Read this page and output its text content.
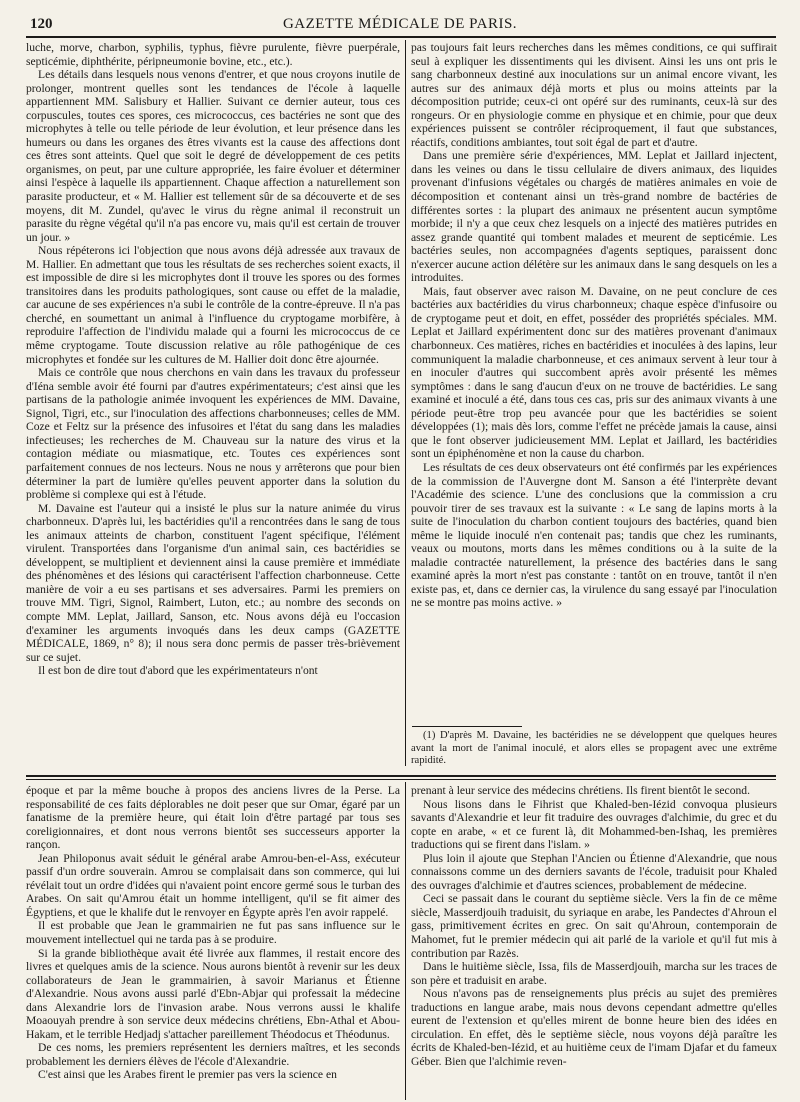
120	GAZETTE MÉDICALE DE PARIS.

luche, morve, charbon, syphilis, typhus, fièvre purulente, fièvre puerpérale, septicémie, diphthérite, péripneumonie bovine, etc., etc.).

Les détails dans lesquels nous venons d'entrer, et que nous croyons inutile de prolonger, montrent quelles sont les tendances de l'école à laquelle appartiennent MM. Salisbury et Hallier. Suivant ce dernier auteur, tous ces corpuscules, toutes ces spores, ces micrococcus, ces bactéries ne sont que des microphytes à telle ou telle période de leur évolution, et leur présence dans les humeurs ou dans les organes des êtres vivants est la cause des affections dont ces êtres sont atteints. Quel que soit le degré de développement de ces petits organismes, on peut, par une culture appropriée, les faire évoluer et déterminer ainsi l'espèce à laquelle ils appartiennent. Chaque affection a naturellement son parasite producteur, et « M. Hallier est tellement sûr de sa découverte et de ses moyens, dit M. Zundel, qu'avec le virus du règne animal il reconstruit un parasite du règne végétal qu'il n'a pas encore vu, mais qu'il est certain de trouver un jour. »

Nous répéterons ici l'objection que nous avons déjà adressée aux travaux de M. Hallier. En admettant que tous les résultats de ses recherches soient exacts, il est impossible de dire si les microphytes dont il trouve les spores ou des formes transitoires dans les produits pathologiques, sont cause ou effet de la maladie, car aucune de ses expériences n'a subi le contrôle de la contre-épreuve. Il n'a pas cherché, en soumettant un animal à l'influence du cryptogame morbifère, à reproduire l'affection de l'individu malade qui a fourni les micrococcus de ce même cryptogame. Toute discussion relative au rôle pathogénique de ces microphytes et fondée sur les cultures de M. Hallier doit donc être ajournée.

Mais ce contrôle que nous cherchons en vain dans les travaux du professeur d'Iéna semble avoir été fourni par d'autres expérimentateurs; c'est ainsi que les partisans de la pathologie animée invoquent les expériences de MM. Davaine, Signol, Tigri, etc., sur l'inoculation des affections charbonneuses; celles de MM. Coze et Feltz sur la présence des infusoires et l'état du sang dans les maladies infectieuses; les recherches de M. Chauveau sur la nature des virus et la contagion médiate ou miasmatique, etc. Toutes ces expériences sont parfaitement connues de nos lecteurs. Nous ne nous y arrêterons que pour bien déterminer la part de lumière qu'elles peuvent apporter dans la solution du problème si complexe qui est à l'étude.

M. Davaine est l'auteur qui a insisté le plus sur la nature animée du virus charbonneux. D'après lui, les bactéridies qu'il a rencontrées dans le sang de tous les animaux atteints de charbon, constituent l'agent spécifique, l'élément virulent. Transportées dans l'organisme d'un animal sain, ces bactéridies se développent, se multiplient et deviennent ainsi la cause première et immédiate des phénomènes et des lésions qui caractérisent l'affection charbonneuse. Cette manière de voir a eu ses partisans et ses adversaires. Parmi les premiers on trouve MM. Tigri, Signol, Raimbert, Luton, etc.; au nombre des seconds on compte MM. Leplat, Jaillard, Sanson, etc. Nous avons déjà eu l'occasion d'examiner les arguments invoqués dans les deux camps (GAZETTE MÉDICALE, 1869, n° 8); il nous sera donc permis de passer très-brièvement sur ce sujet.

Il est bon de dire tout d'abord que les expérimentateurs n'ont

pas toujours fait leurs recherches dans les mêmes conditions, ce qui suffirait seul à expliquer les dissentiments qui les divisent. Ainsi les uns ont pris le sang charbonneux destiné aux inoculations sur un animal encore vivant, les autres sur des animaux déjà morts et plus ou moins atteints par la décomposition putride; ceux-ci ont opéré sur des ruminants, ceux-là sur des rongeurs. Or en physiologie comme en physique et en chimie, pour que deux expériences puissent se contrôler réciproquement, il faut que substances, réactifs, conditions ambiantes, tout soit égal de part et d'autre.

Dans une première série d'expériences, MM. Leplat et Jaillard injectent, dans les veines ou dans le tissu cellulaire de divers animaux, des liquides provenant d'infusions végétales ou chargés de matières animales en voie de décomposition et contenant ainsi un très-grand nombre de bactéries de différentes sortes : la plupart des animaux ne présentent aucun symptôme morbide; il n'y a que ceux chez lesquels on a injecté des matières putrides en assez grande quantité qui tombent malades et meurent de septicémie. Les bactéries seules, non accompagnées d'agents septiques, paraissent donc n'exercer aucune action délétère sur les animaux dans le sang desquels on les a introduites.

Mais, faut observer avec raison M. Davaine, on ne peut conclure de ces bactéries aux bactéridies du virus charbonneux; chaque espèce d'infusoire ou de cryptogame peut et doit, en effet, posséder des propriétés spéciales. MM. Leplat et Jaillard expérimentent donc sur des matières provenant d'animaux charbonneux. Ces matières, riches en bactéridies et inoculées à des lapins, leur communiquent la maladie charbonneuse, et ces animaux servent à leur tour à en inoculer d'autres qui succombent après avoir présenté les mêmes symptômes : dans le sang d'aucun d'eux on ne trouve de bactéridies. Le sang examiné et inoculé a été, dans tous ces cas, pris sur des animaux vivants à une période peut-être trop peu avancée pour que les bactéridies se soient développées (1); mais dès lors, comme l'effet ne précède jamais la cause, ainsi que le font observer judicieusement MM. Leplat et Jaillard, les bactéridies sont un épiphénomène et non la cause du charbon.

Les résultats de ces deux observateurs ont été confirmés par les expériences de la commission de l'Auvergne dont M. Sanson a été l'interprète devant l'Académie des science. L'une des conclusions que la commission a cru pouvoir tirer de ses travaux est la suivante : « Le sang de lapins morts à la suite de l'inoculation du charbon contient toujours des bactéries, quand bien même le liquide inoculé n'en contenait pas; tandis que chez les ruminants, veaux ou moutons, morts dans les mêmes conditions ou à la suite de la maladie contractée naturellement, la présence des bactéries dans le sang examiné après la mort n'est pas constante : tantôt on en trouve, tantôt il n'en existe pas, et, dans ce dernier cas, la virulence du sang essayé par l'inoculation ne se montre pas moins active. »

(1) D'après M. Davaine, les bactéridies ne se développent que quelques heures avant la mort de l'animal inoculé, et alors elles se propagent avec une extrême rapidité.

époque et par la même bouche à propos des anciens livres de la Perse. La responsabilité de ces faits déplorables ne doit peser que sur Omar, égaré par un fanatisme de la première heure, qui était loin d'être partagé par tous ses coreligionnaires, et dont nous verrons bientôt ses successeurs apporter la rançon.

Jean Philoponus avait séduit le général arabe Amrou-ben-el-Ass, exécuteur passif d'un ordre souverain. Amrou se complaisait dans son commerce, qui lui révélait tout un ordre d'idées qui n'avaient point encore germé sous le turban des Arabes. On sait qu'Amrou était un homme intelligent, qu'il se fit aimer des Égyptiens, et que le khalife dut le renvoyer en Égypte après l'en avoir rappelé.

Il est probable que Jean le grammairien ne fut pas sans influence sur le mouvement intellectuel qui ne tarda pas à se produire.

Si la grande bibliothèque avait été livrée aux flammes, il restait encore des livres et quelques amis de la science. Nous aurons bientôt à revenir sur les deux collaborateurs de Jean le grammairien, à savoir Marianus et Étienne d'Alexandrie. Nous avons aussi parlé d'Ebn-Abjar qui professait la médecine dans Alexandrie lors de l'invasion arabe. Nous verrons aussi le khalife Moaouyah prendre à son service deux médecins chrétiens, Ebn-Athal et Abou-Hakam, et le terrible Hedjadj s'attacher pareillement Théodocus et Théodunus.

De ces noms, les premiers représentent les derniers maîtres, et les seconds probablement les derniers élèves de l'école d'Alexandrie.

C'est ainsi que les Arabes firent le premier pas vers la science en

prenant à leur service des médecins chrétiens. Ils firent bientôt le second.

Nous lisons dans le Fihrist que Khaled-ben-Iézid convoqua plusieurs savants d'Alexandrie et leur fit traduire des ouvrages d'alchimie, du grec et du copte en arabe, « et ce furent là, dit Mohammed-ben-Ishaq, les premières traductions qui se firent dans l'islam. »

Plus loin il ajoute que Stephan l'Ancien ou Étienne d'Alexandrie, que nous connaissons comme un des derniers savants de l'école, traduisit pour Khaled des ouvrages d'alchimie et d'autres sciences, probablement de médecine.

Ceci se passait dans le courant du septième siècle. Vers la fin de ce même siècle, Masserdjouih traduisit, du syriaque en arabe, les Pandectes d'Ahroun el gass, primitivement écrites en grec. On sait qu'Ahroun, contemporain de Mahomet, fut le premier médecin qui ait parlé de la variole et qu'il fut mis à contribution par Razès.

Dans le huitième siècle, Issa, fils de Masserdjouih, marcha sur les traces de son père et traduisit en arabe.

Nous n'avons pas de renseignements plus précis au sujet des premières traductions en langue arabe, mais nous devons cependant admettre qu'elles eurent de l'extension et qu'elles mirent de bonne heure bien des idées en circulation. En effet, dès le septième siècle, nous voyons déjà paraître les écrits de Khaled-ben-Iézid, et au huitième ceux de l'imam Djafar et du fameux Géber. Bien que l'alchimie reven-
